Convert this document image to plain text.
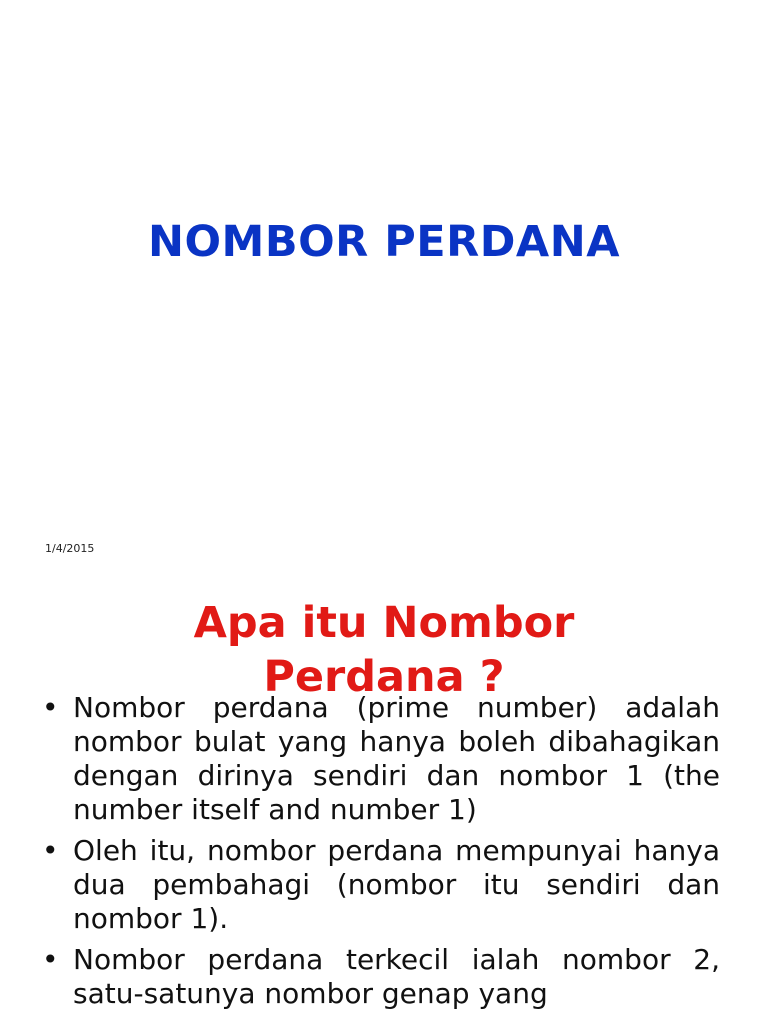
NOMBOR PERDANA
1/4/2015
Apa itu Nombor
Perdana ?
• Nombor perdana (prime number) adalah nombor bulat yang hanya boleh dibahagikan dengan dirinya sendiri dan nombor 1 (the number itself and number 1)
• Oleh itu, nombor perdana mempunyai hanya dua pembahagi (nombor itu sendiri dan nombor 1).
• Nombor perdana terkecil ialah nombor 2, satu-satunya nombor genap yang
